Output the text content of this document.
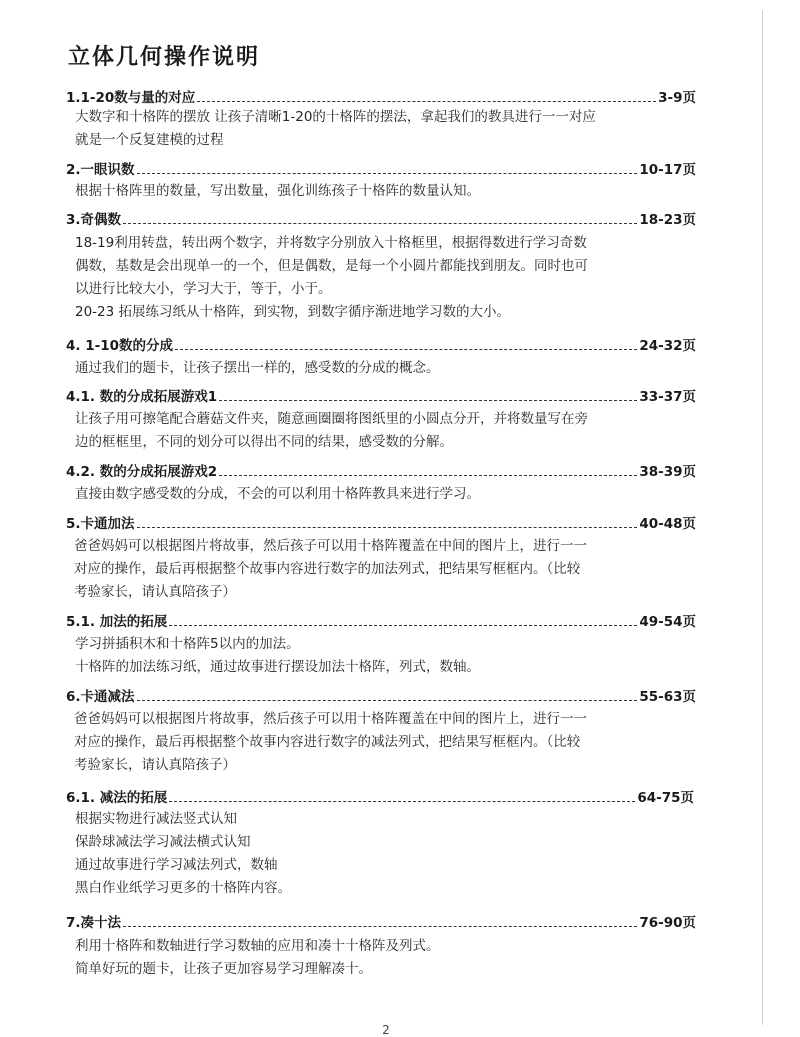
立体几何操作说明
1.1-20数与量的对应	3-9页
大数字和十格阵的摆放 让孩子清晰1-20的十格阵的摆法，拿起我们的教具进行一一对应
就是一个反复建模的过程
2.一眼识数	10-17页
根据十格阵里的数量，写出数量，强化训练孩子十格阵的数量认知。
3.奇偶数	18-23页
18-19利用转盘，转出两个数字，并将数字分别放入十格框里，根据得数进行学习奇数
偶数，基数是会出现单一的一个，但是偶数，是每一个小圆片都能找到朋友。同时也可
以进行比较大小，学习大于，等于，小于。
20-23 拓展练习纸从十格阵，到实物，到数字循序渐进地学习数的大小。
4. 1-10数的分成	24-32页
通过我们的题卡，让孩子摆出一样的，感受数的分成的概念。
4.1. 数的分成拓展游戏1	33-37页
让孩子用可擦笔配合蘑菇文件夹，随意画圈圈将图纸里的小圆点分开，并将数量写在旁
边的框框里，不同的划分可以得出不同的结果，感受数的分解。
4.2. 数的分成拓展游戏2	38-39页
直接由数字感受数的分成，不会的可以利用十格阵教具来进行学习。
5.卡通加法	40-48页
爸爸妈妈可以根据图片将故事，然后孩子可以用十格阵覆盖在中间的图片上，进行一一
对应的操作，最后再根据整个故事内容进行数字的加法列式，把结果写框框内。（比较
考验家长，请认真陪孩子）
5.1. 加法的拓展	49-54页
学习拼插积木和十格阵5以内的加法。
十格阵的加法练习纸，通过故事进行摆设加法十格阵，列式，数轴。
6.卡通减法	55-63页
爸爸妈妈可以根据图片将故事，然后孩子可以用十格阵覆盖在中间的图片上，进行一一
对应的操作，最后再根据整个故事内容进行数字的减法列式，把结果写框框内。（比较
考验家长，请认真陪孩子）
6.1. 减法的拓展	64-75页
根据实物进行减法竖式认知
保龄球减法学习减法横式认知
通过故事进行学习减法列式，数轴
黑白作业纸学习更多的十格阵内容。
7.凑十法	76-90页
利用十格阵和数轴进行学习数轴的应用和凑十十格阵及列式。
简单好玩的题卡，让孩子更加容易学习理解凑十。
2
